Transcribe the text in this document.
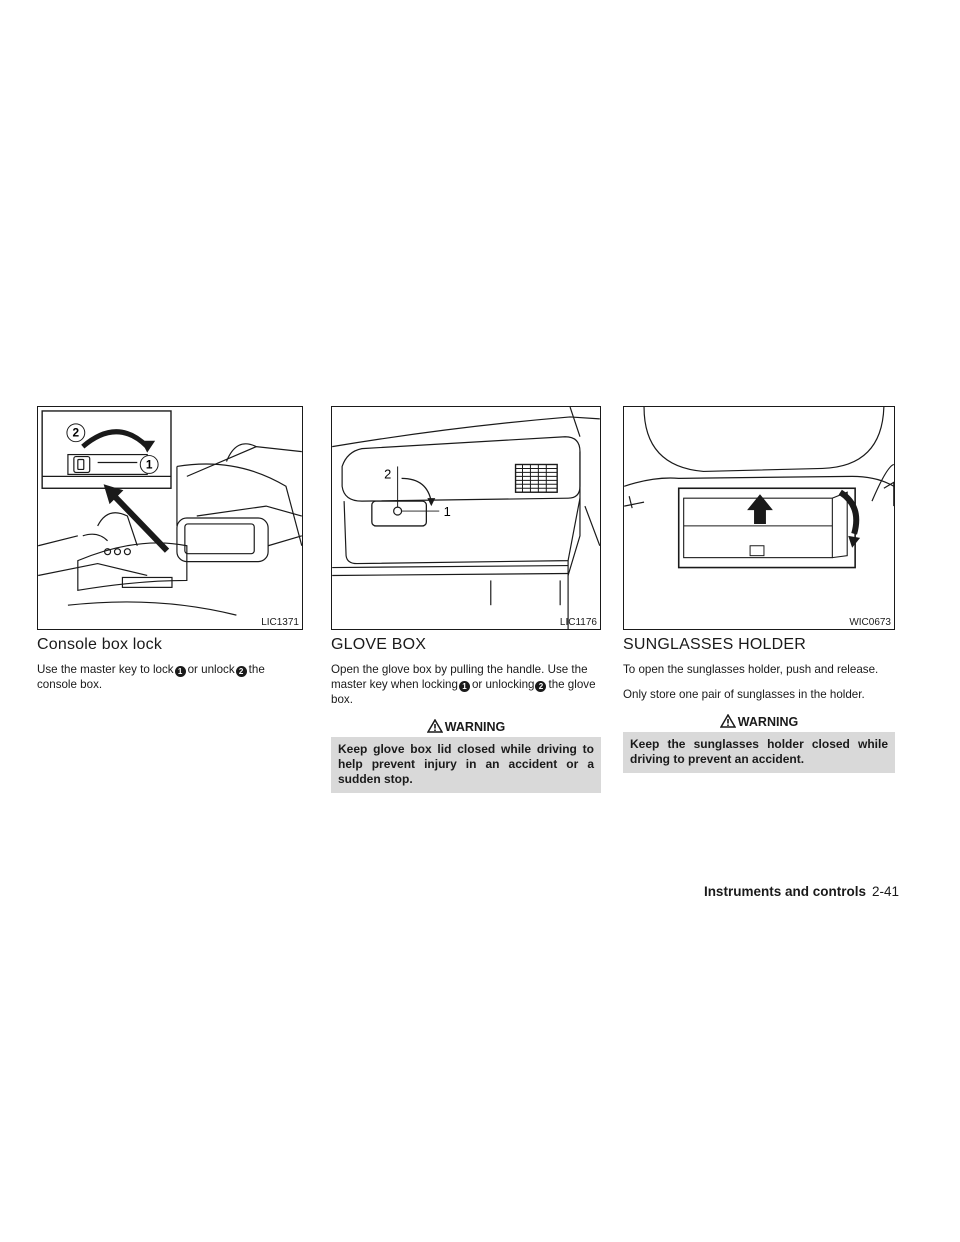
2
1
LIC1371
Console box lock

Use the master key to lock 1 or unlock 2 the console box.

2
1
LIC1176
GLOVE BOX

Open the glove box by pulling the handle. Use the master key when locking 1 or unlocking 2 the glove box.

WARNING
Keep glove box lid closed while driving to help prevent injury in an accident or a sudden stop.
WIC0673
SUNGLASSES HOLDER

To open the sunglasses holder, push and release.

Only store one pair of sunglasses in the holder.

WARNING
Keep the sunglasses holder closed while driving to prevent an accident.
Instruments and controls 2-41
